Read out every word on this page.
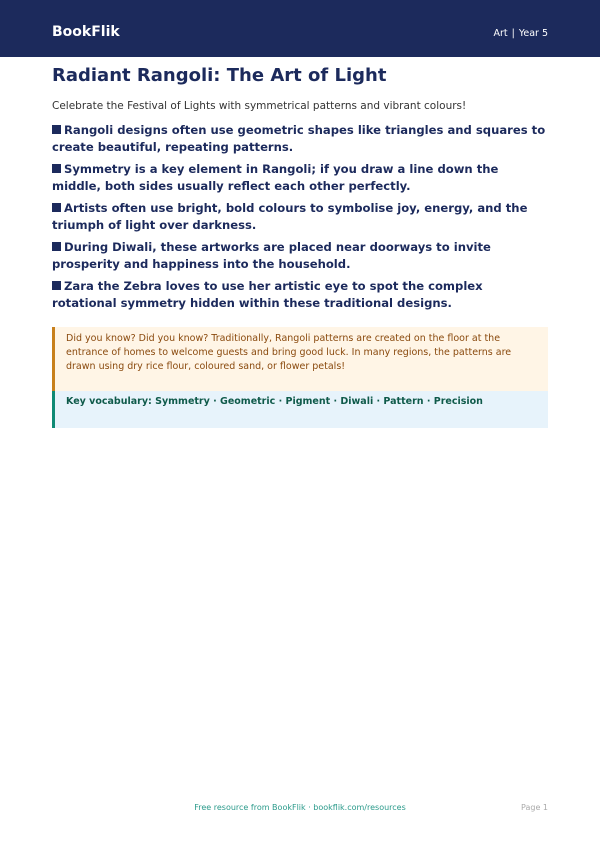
BookFlik	Art | Year 5
Radiant Rangoli: The Art of Light
Celebrate the Festival of Lights with symmetrical patterns and vibrant colours!
Rangoli designs often use geometric shapes like triangles and squares to create beautiful, repeating patterns.
Symmetry is a key element in Rangoli; if you draw a line down the middle, both sides usually reflect each other perfectly.
Artists often use bright, bold colours to symbolise joy, energy, and the triumph of light over darkness.
During Diwali, these artworks are placed near doorways to invite prosperity and happiness into the household.
Zara the Zebra loves to use her artistic eye to spot the complex rotational symmetry hidden within these traditional designs.
Did you know? Did you know? Traditionally, Rangoli patterns are created on the floor at the entrance of homes to welcome guests and bring good luck. In many regions, the patterns are drawn using dry rice flour, coloured sand, or flower petals!
Key vocabulary: Symmetry · Geometric · Pigment · Diwali · Pattern · Precision
Free resource from BookFlik · bookflik.com/resources	Page 1
